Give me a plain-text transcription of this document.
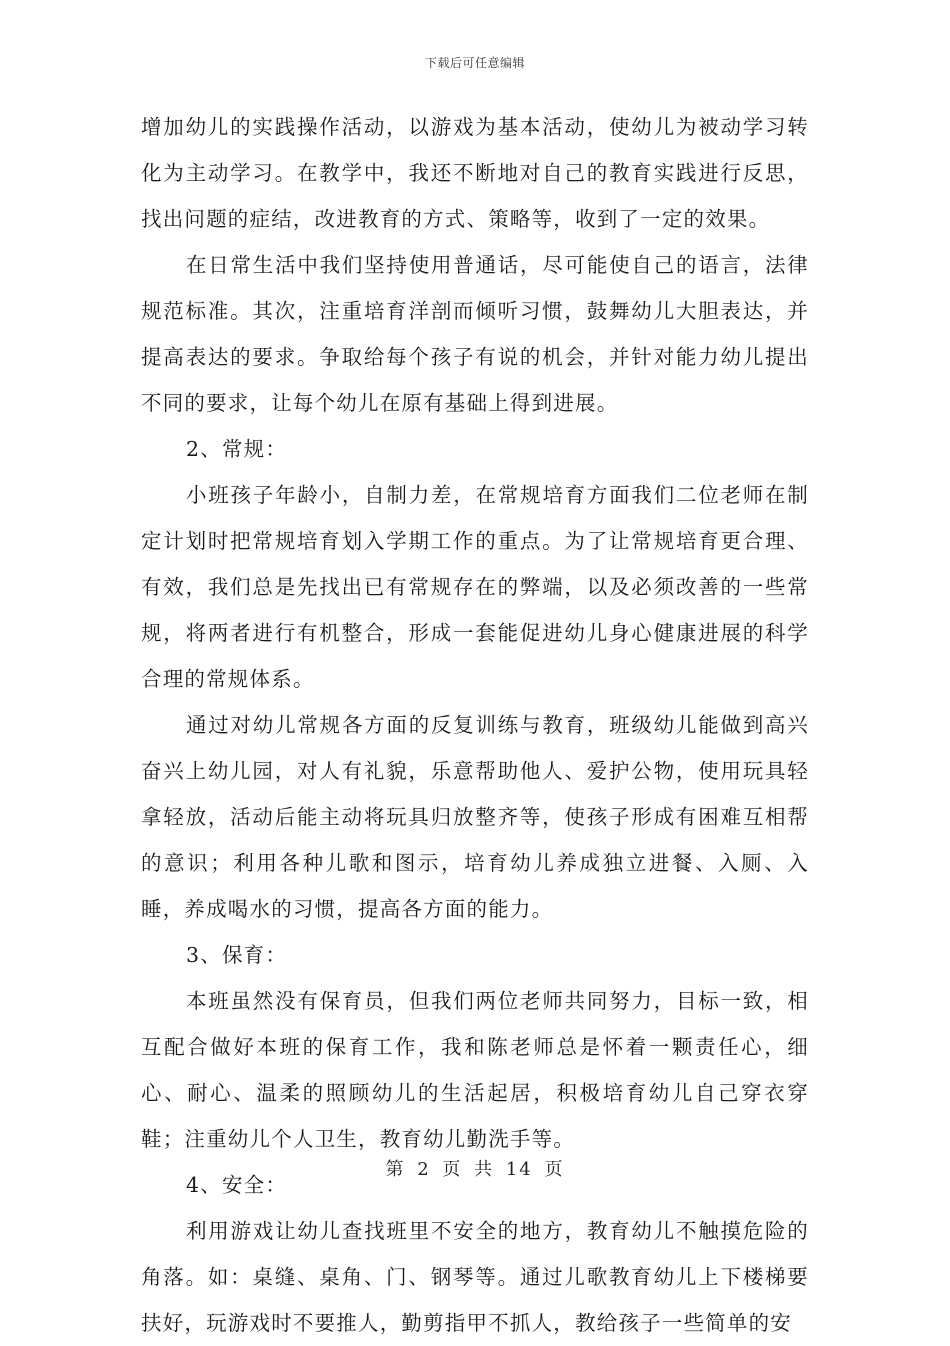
下载后可任意编辑

增加幼儿的实践操作活动，以游戏为基本活动，使幼儿为被动学习转化为主动学习。在教学中，我还不断地对自己的教育实践进行反思，找出问题的症结，改进教育的方式、策略等，收到了一定的效果。

在日常生活中我们坚持使用普通话，尽可能使自己的语言，法律规范标准。其次，注重培育洋剖而倾听习惯，鼓舞幼儿大胆表达，并提高表达的要求。争取给每个孩子有说的机会，并针对能力幼儿提出不同的要求，让每个幼儿在原有基础上得到进展。

2、常规：

小班孩子年龄小，自制力差，在常规培育方面我们二位老师在制定计划时把常规培育划入学期工作的重点。为了让常规培育更合理、有效，我们总是先找出已有常规存在的弊端，以及必须改善的一些常规，将两者进行有机整合，形成一套能促进幼儿身心健康进展的科学合理的常规体系。

通过对幼儿常规各方面的反复训练与教育，班级幼儿能做到高兴奋兴上幼儿园，对人有礼貌，乐意帮助他人、爱护公物，使用玩具轻拿轻放，活动后能主动将玩具归放整齐等，使孩子形成有困难互相帮的意识；利用各种儿歌和图示，培育幼儿养成独立进餐、入厕、入睡，养成喝水的习惯，提高各方面的能力。

3、保育：

本班虽然没有保育员，但我们两位老师共同努力，目标一致，相互配合做好本班的保育工作，我和陈老师总是怀着一颗责任心，细心、耐心、温柔的照顾幼儿的生活起居，积极培育幼儿自己穿衣穿鞋；注重幼儿个人卫生，教育幼儿勤洗手等。

4、安全：

利用游戏让幼儿查找班里不安全的地方，教育幼儿不触摸危险的角落。如：桌缝、桌角、门、钢琴等。通过儿歌教育幼儿上下楼梯要扶好，玩游戏时不要推人，勤剪指甲不抓人，教给孩子一些简单的安

第 2 页 共 14 页
